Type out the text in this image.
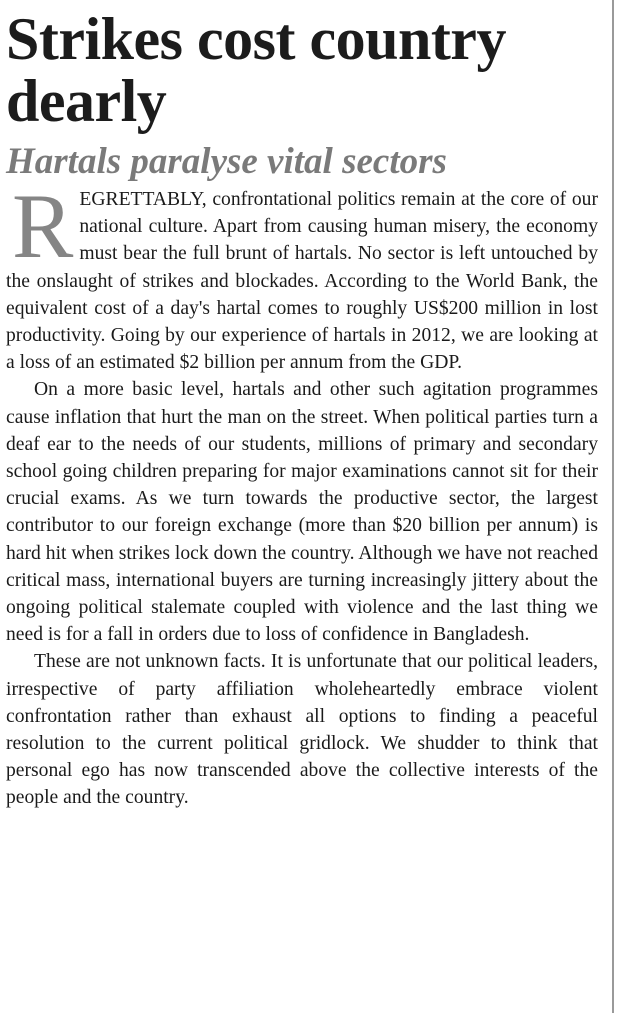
Strikes cost country dearly
Hartals paralyse vital sectors

REGRETTABLY, confrontational politics remain at the core of our national culture. Apart from causing human misery, the economy must bear the full brunt of hartals. No sector is left untouched by the onslaught of strikes and blockades. According to the World Bank, the equivalent cost of a day's hartal comes to roughly US$200 million in lost productivity. Going by our experience of hartals in 2012, we are looking at a loss of an estimated $2 billion per annum from the GDP.

On a more basic level, hartals and other such agitation programmes cause inflation that hurt the man on the street. When political parties turn a deaf ear to the needs of our students, millions of primary and secondary school going children preparing for major examinations cannot sit for their crucial exams. As we turn towards the productive sector, the largest contributor to our foreign exchange (more than $20 billion per annum) is hard hit when strikes lock down the country. Although we have not reached critical mass, international buyers are turning increasingly jittery about the ongoing political stalemate coupled with violence and the last thing we need is for a fall in orders due to loss of confidence in Bangladesh.

These are not unknown facts. It is unfortunate that our political leaders, irrespective of party affiliation wholeheartedly embrace violent confrontation rather than exhaust all options to finding a peaceful resolution to the current political gridlock. We shudder to think that personal ego has now transcended above the collective interests of the people and the country.
